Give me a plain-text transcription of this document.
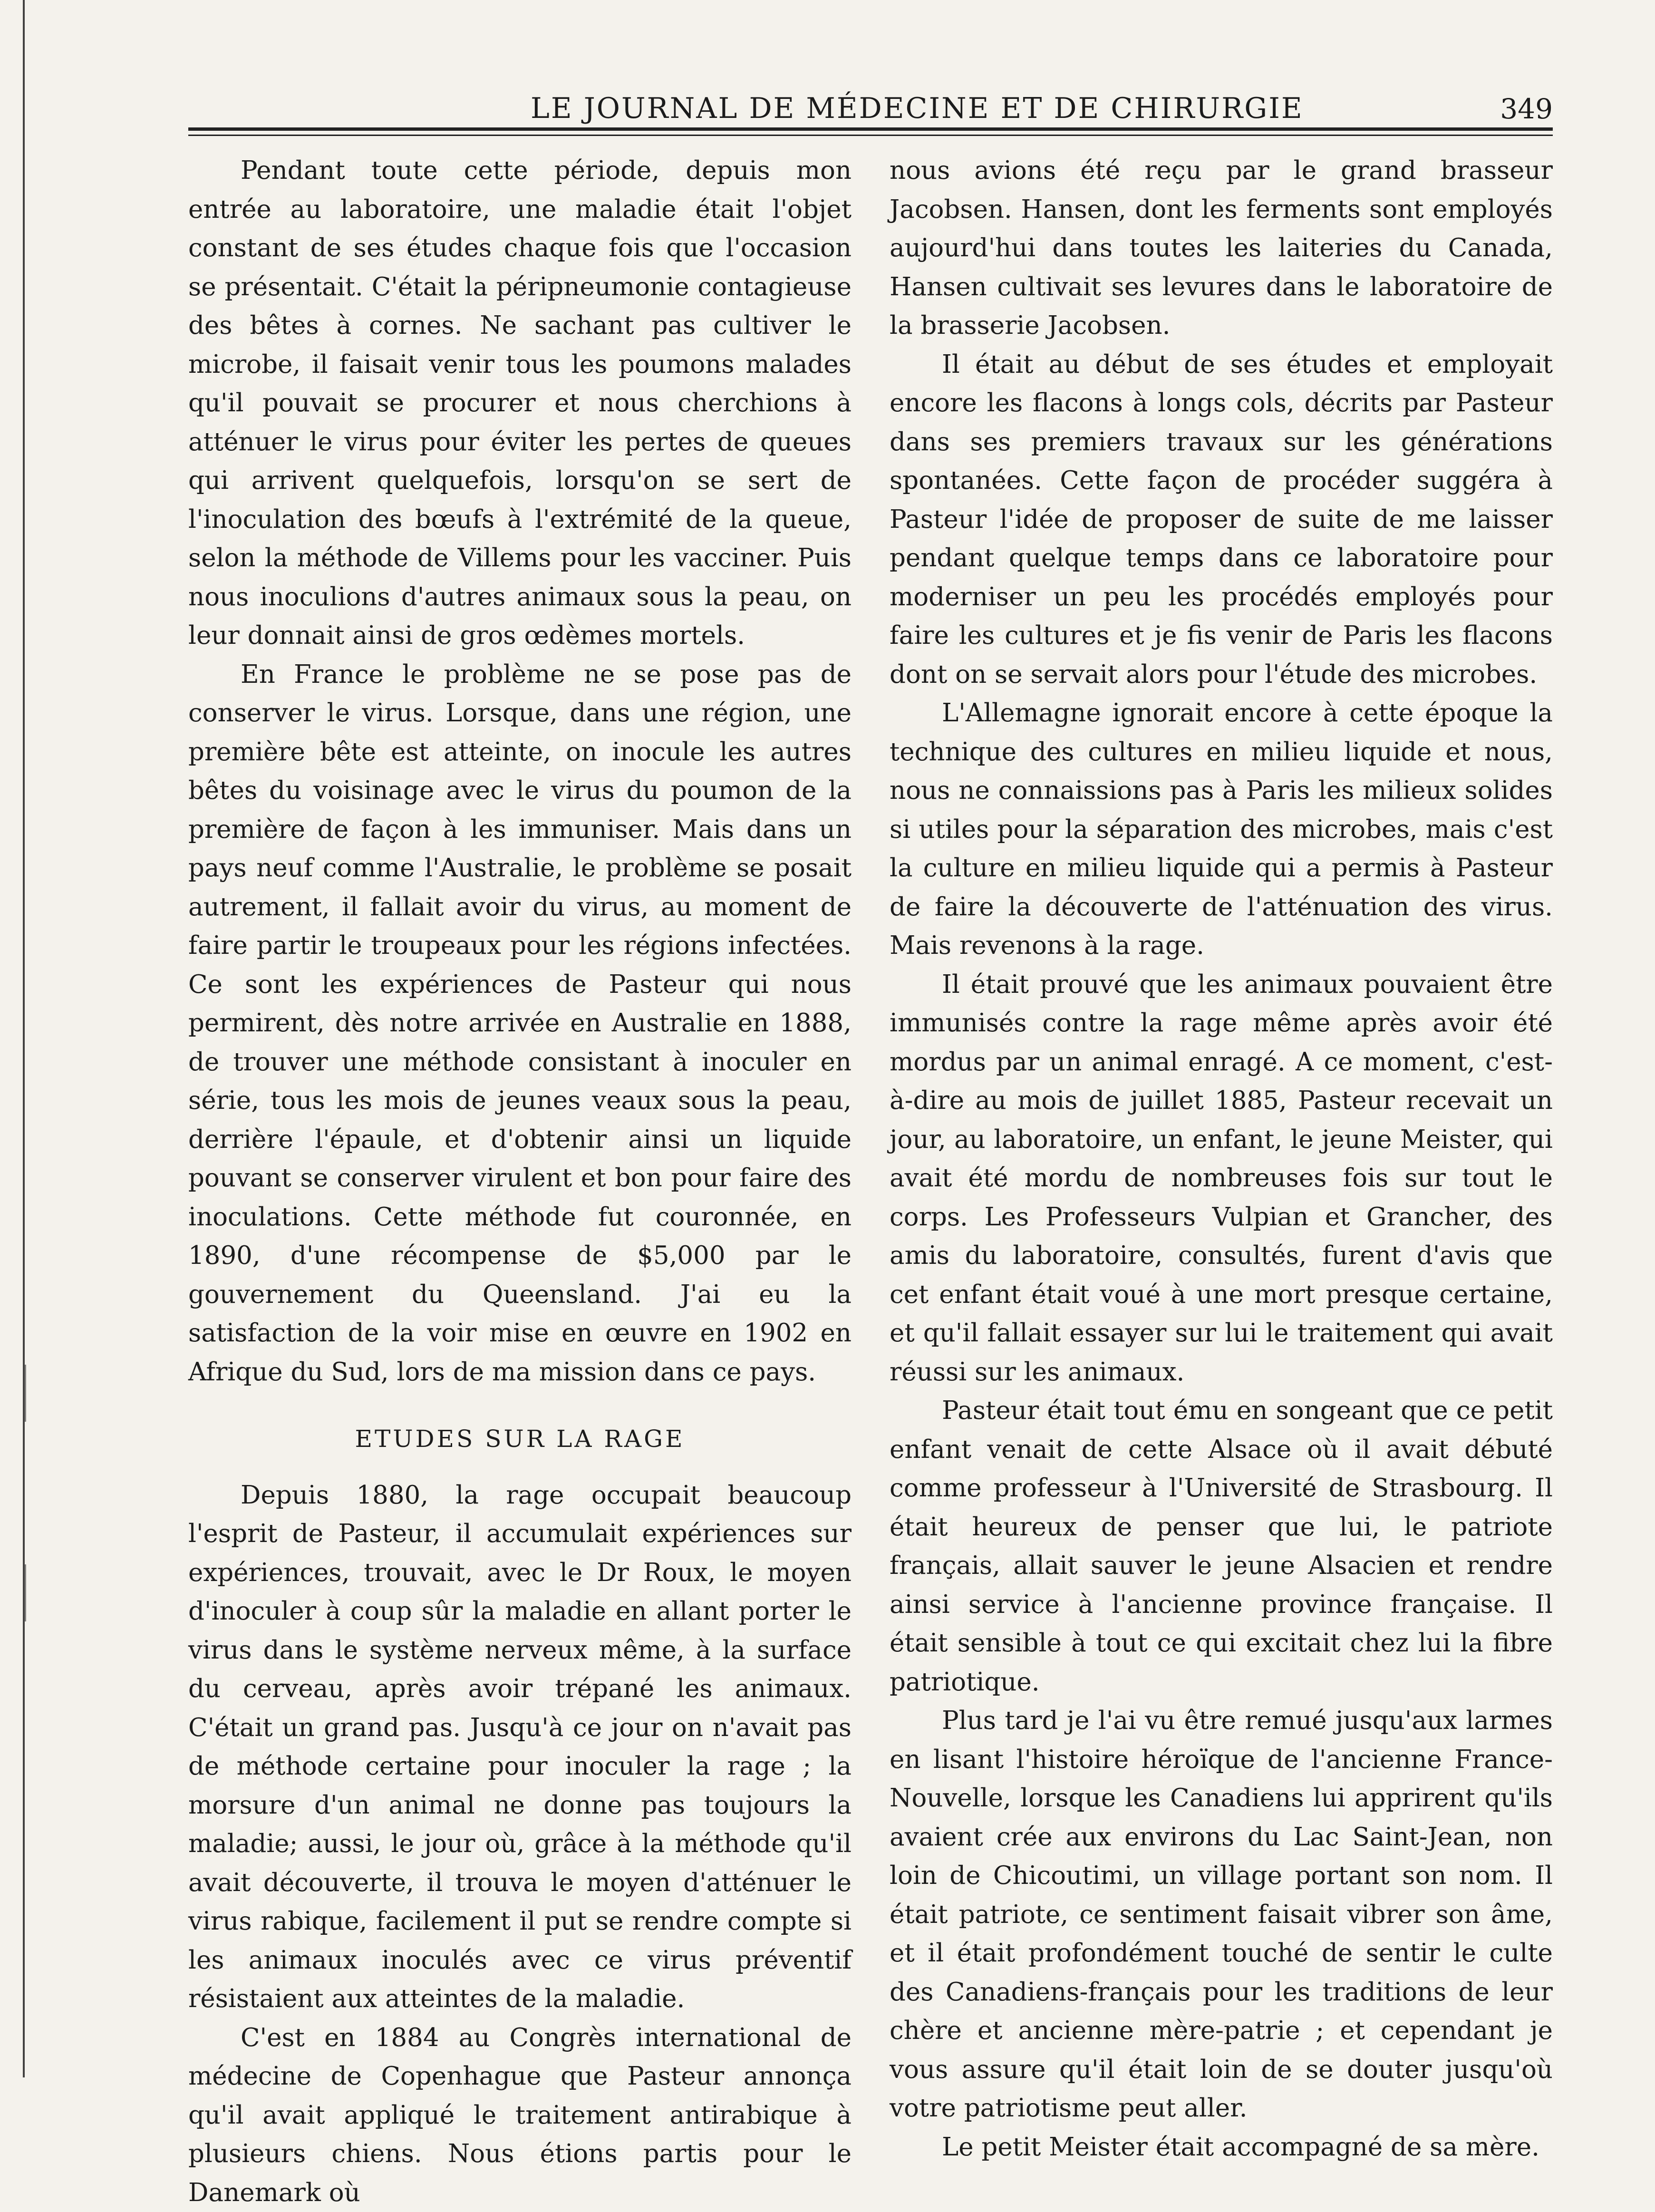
LE JOURNAL DE MÉDECINE ET DE CHIRURGIE	349

Pendant toute cette période, depuis mon entrée au laboratoire, une maladie était l'objet constant de ses études chaque fois que l'occasion se présentait. C'était la péripneumonie contagieuse des bêtes à cornes. Ne sachant pas cultiver le microbe, il faisait venir tous les poumons malades qu'il pouvait se procurer et nous cherchions à atténuer le virus pour éviter les pertes de queues qui arrivent quelquefois, lorsqu'on se sert de l'inoculation des bœufs à l'extrémité de la queue, selon la méthode de Villems pour les vacciner. Puis nous inoculions d'autres animaux sous la peau, on leur donnait ainsi de gros œdèmes mortels.

En France le problème ne se pose pas de conserver le virus. Lorsque, dans une région, une première bête est atteinte, on inocule les autres bêtes du voisinage avec le virus du poumon de la première de façon à les immuniser. Mais dans un pays neuf comme l'Australie, le problème se posait autrement, il fallait avoir du virus, au moment de faire partir le troupeaux pour les régions infectées. Ce sont les expériences de Pasteur qui nous permirent, dès notre arrivée en Australie en 1888, de trouver une méthode consistant à inoculer en série, tous les mois de jeunes veaux sous la peau, derrière l'épaule, et d'obtenir ainsi un liquide pouvant se conserver virulent et bon pour faire des inoculations. Cette méthode fut couronnée, en 1890, d'une récompense de $5,000 par le gouvernement du Queensland. J'ai eu la satisfaction de la voir mise en œuvre en 1902 en Afrique du Sud, lors de ma mission dans ce pays.

ETUDES SUR LA RAGE

Depuis 1880, la rage occupait beaucoup l'esprit de Pasteur, il accumulait expériences sur expériences, trouvait, avec le Dr Roux, le moyen d'inoculer à coup sûr la maladie en allant porter le virus dans le système nerveux même, à la surface du cerveau, après avoir trépané les animaux. C'était un grand pas. Jusqu'à ce jour on n'avait pas de méthode certaine pour inoculer la rage ; la morsure d'un animal ne donne pas toujours la maladie; aussi, le jour où, grâce à la méthode qu'il avait découverte, il trouva le moyen d'atténuer le virus rabique, facilement il put se rendre compte si les animaux inoculés avec ce virus préventif résistaient aux atteintes de la maladie.

C'est en 1884 au Congrès international de médecine de Copenhague que Pasteur annonça qu'il avait appliqué le traitement antirabique à plusieurs chiens. Nous étions partis pour le Danemark où

nous avions été reçu par le grand brasseur Jacobsen. Hansen, dont les ferments sont employés aujourd'hui dans toutes les laiteries du Canada, Hansen cultivait ses levures dans le laboratoire de la brasserie Jacobsen.

Il était au début de ses études et employait encore les flacons à longs cols, décrits par Pasteur dans ses premiers travaux sur les générations spontanées. Cette façon de procéder suggéra à Pasteur l'idée de proposer de suite de me laisser pendant quelque temps dans ce laboratoire pour moderniser un peu les procédés employés pour faire les cultures et je fis venir de Paris les flacons dont on se servait alors pour l'étude des microbes.

L'Allemagne ignorait encore à cette époque la technique des cultures en milieu liquide et nous, nous ne connaissions pas à Paris les milieux solides si utiles pour la séparation des microbes, mais c'est la culture en milieu liquide qui a permis à Pasteur de faire la découverte de l'atténuation des virus. Mais revenons à la rage.

Il était prouvé que les animaux pouvaient être immunisés contre la rage même après avoir été mordus par un animal enragé. A ce moment, c'est-à-dire au mois de juillet 1885, Pasteur recevait un jour, au laboratoire, un enfant, le jeune Meister, qui avait été mordu de nombreuses fois sur tout le corps. Les Professeurs Vulpian et Grancher, des amis du laboratoire, consultés, furent d'avis que cet enfant était voué à une mort presque certaine, et qu'il fallait essayer sur lui le traitement qui avait réussi sur les animaux.

Pasteur était tout ému en songeant que ce petit enfant venait de cette Alsace où il avait débuté comme professeur à l'Université de Strasbourg. Il était heureux de penser que lui, le patriote français, allait sauver le jeune Alsacien et rendre ainsi service à l'ancienne province française. Il était sensible à tout ce qui excitait chez lui la fibre patriotique.

Plus tard je l'ai vu être remué jusqu'aux larmes en lisant l'histoire héroïque de l'ancienne France-Nouvelle, lorsque les Canadiens lui apprirent qu'ils avaient crée aux environs du Lac Saint-Jean, non loin de Chicoutimi, un village portant son nom. Il était patriote, ce sentiment faisait vibrer son âme, et il était profondément touché de sentir le culte des Canadiens-français pour les traditions de leur chère et ancienne mère-patrie ; et cependant je vous assure qu'il était loin de se douter jusqu'où votre patriotisme peut aller.

Le petit Meister était accompagné de sa mère.
